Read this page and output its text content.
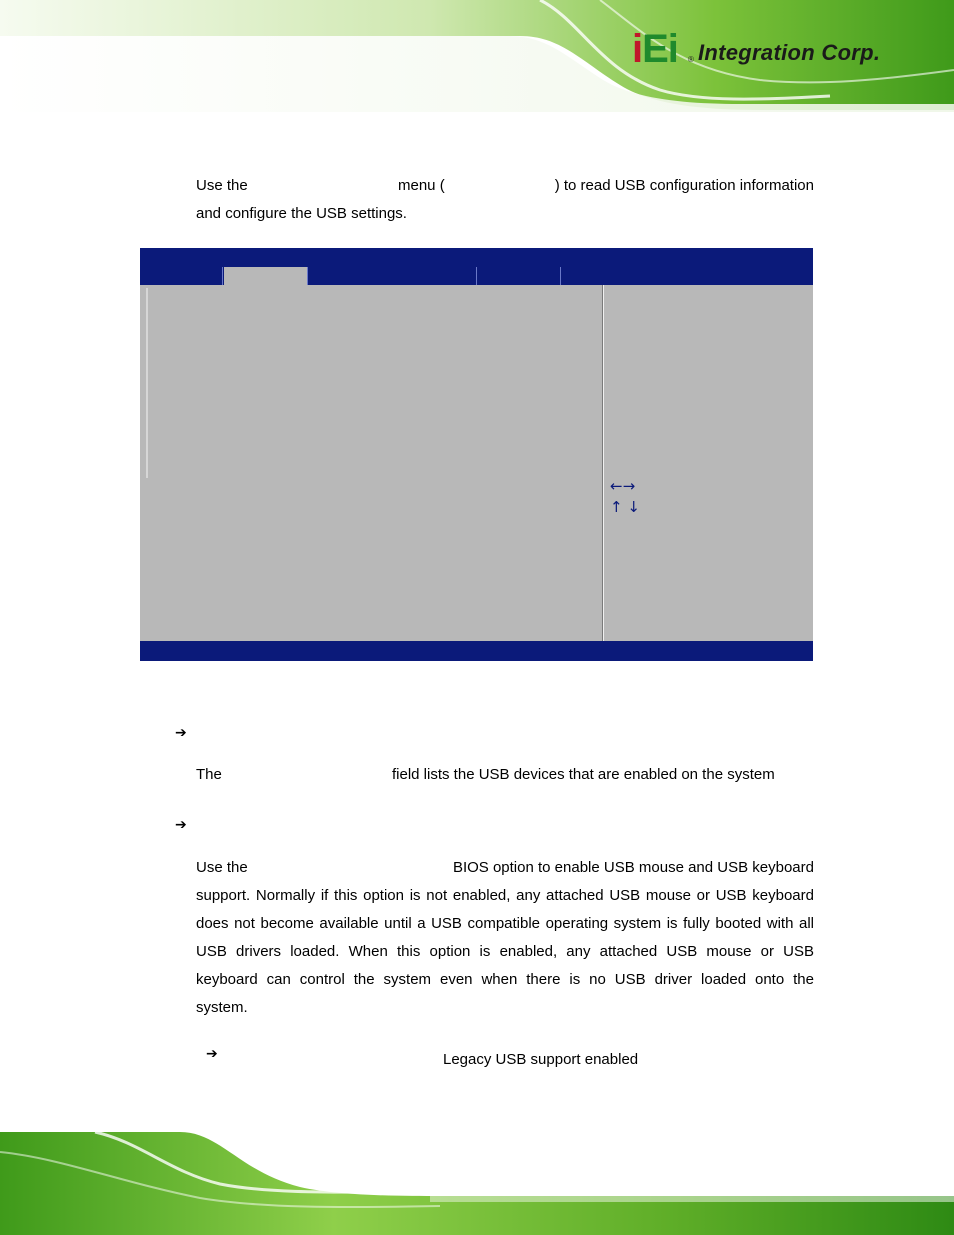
iEi ® Integration Corp.
Use the	menu (	) to read USB configuration information
and configure the USB settings.
←→
↑ ↓
➔
The	field lists the USB devices that are enabled on the system
➔
Use the	BIOS option to enable USB mouse and USB keyboard
support. Normally if this option is not enabled, any attached USB mouse or USB keyboard
does not become available until a USB compatible operating system is fully booted with all
USB drivers loaded. When this option is enabled, any attached USB mouse or USB
keyboard can control the system even when there is no USB driver loaded onto the
system.
➔	Legacy USB support enabled
